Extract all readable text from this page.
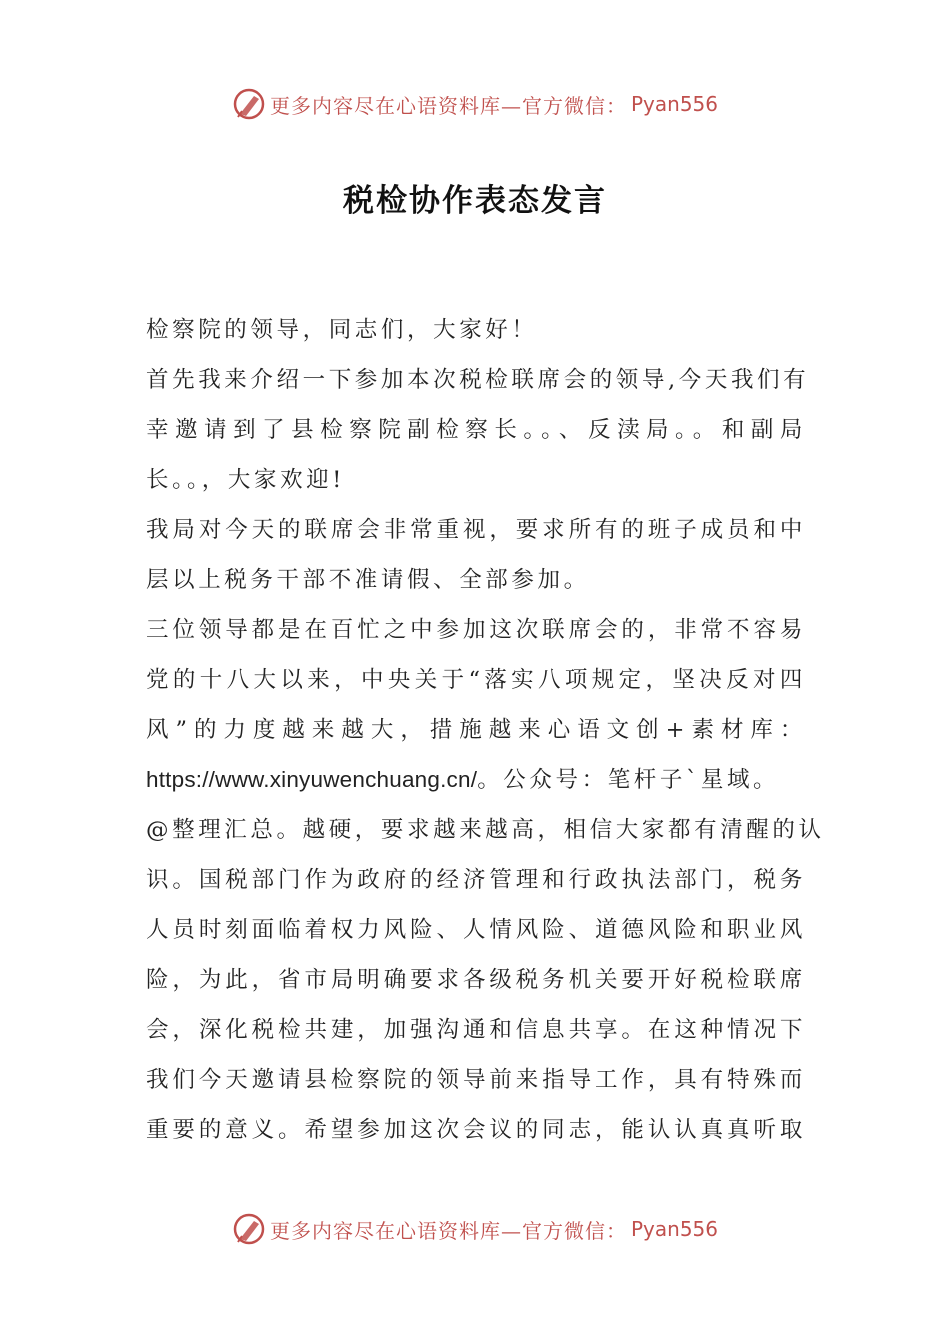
更多内容尽在心语资料库—官方微信： Pyan556
税检协作表态发言
检察院的领导，同志们，大家好！
首先我来介绍一下参加本次税检联席会的领导,今天我们有
幸邀请到了县检察院副检察长。。、反渎局。。和副局
长。。，大家欢迎!
我局对今天的联席会非常重视，要求所有的班子成员和中
层以上税务干部不准请假、全部参加。
三位领导都是在百忙之中参加这次联席会的，非常不容易
党的十八大以来，中央关于“落实八项规定，坚决反对四
风”的力度越来越大，措施越来心语文创+素材库：
https://www.xinyuwenchuang.cn/。公众号：笔杆子`星域。
@整理汇总。越硬，要求越来越高，相信大家都有清醒的认
识。国税部门作为政府的经济管理和行政执法部门，税务
人员时刻面临着权力风险、人情风险、道德风险和职业风
险，为此，省市局明确要求各级税务机关要开好税检联席
会，深化税检共建，加强沟通和信息共享。在这种情况下
我们今天邀请县检察院的领导前来指导工作，具有特殊而
重要的意义。希望参加这次会议的同志，能认认真真听取
更多内容尽在心语资料库—官方微信： Pyan556
